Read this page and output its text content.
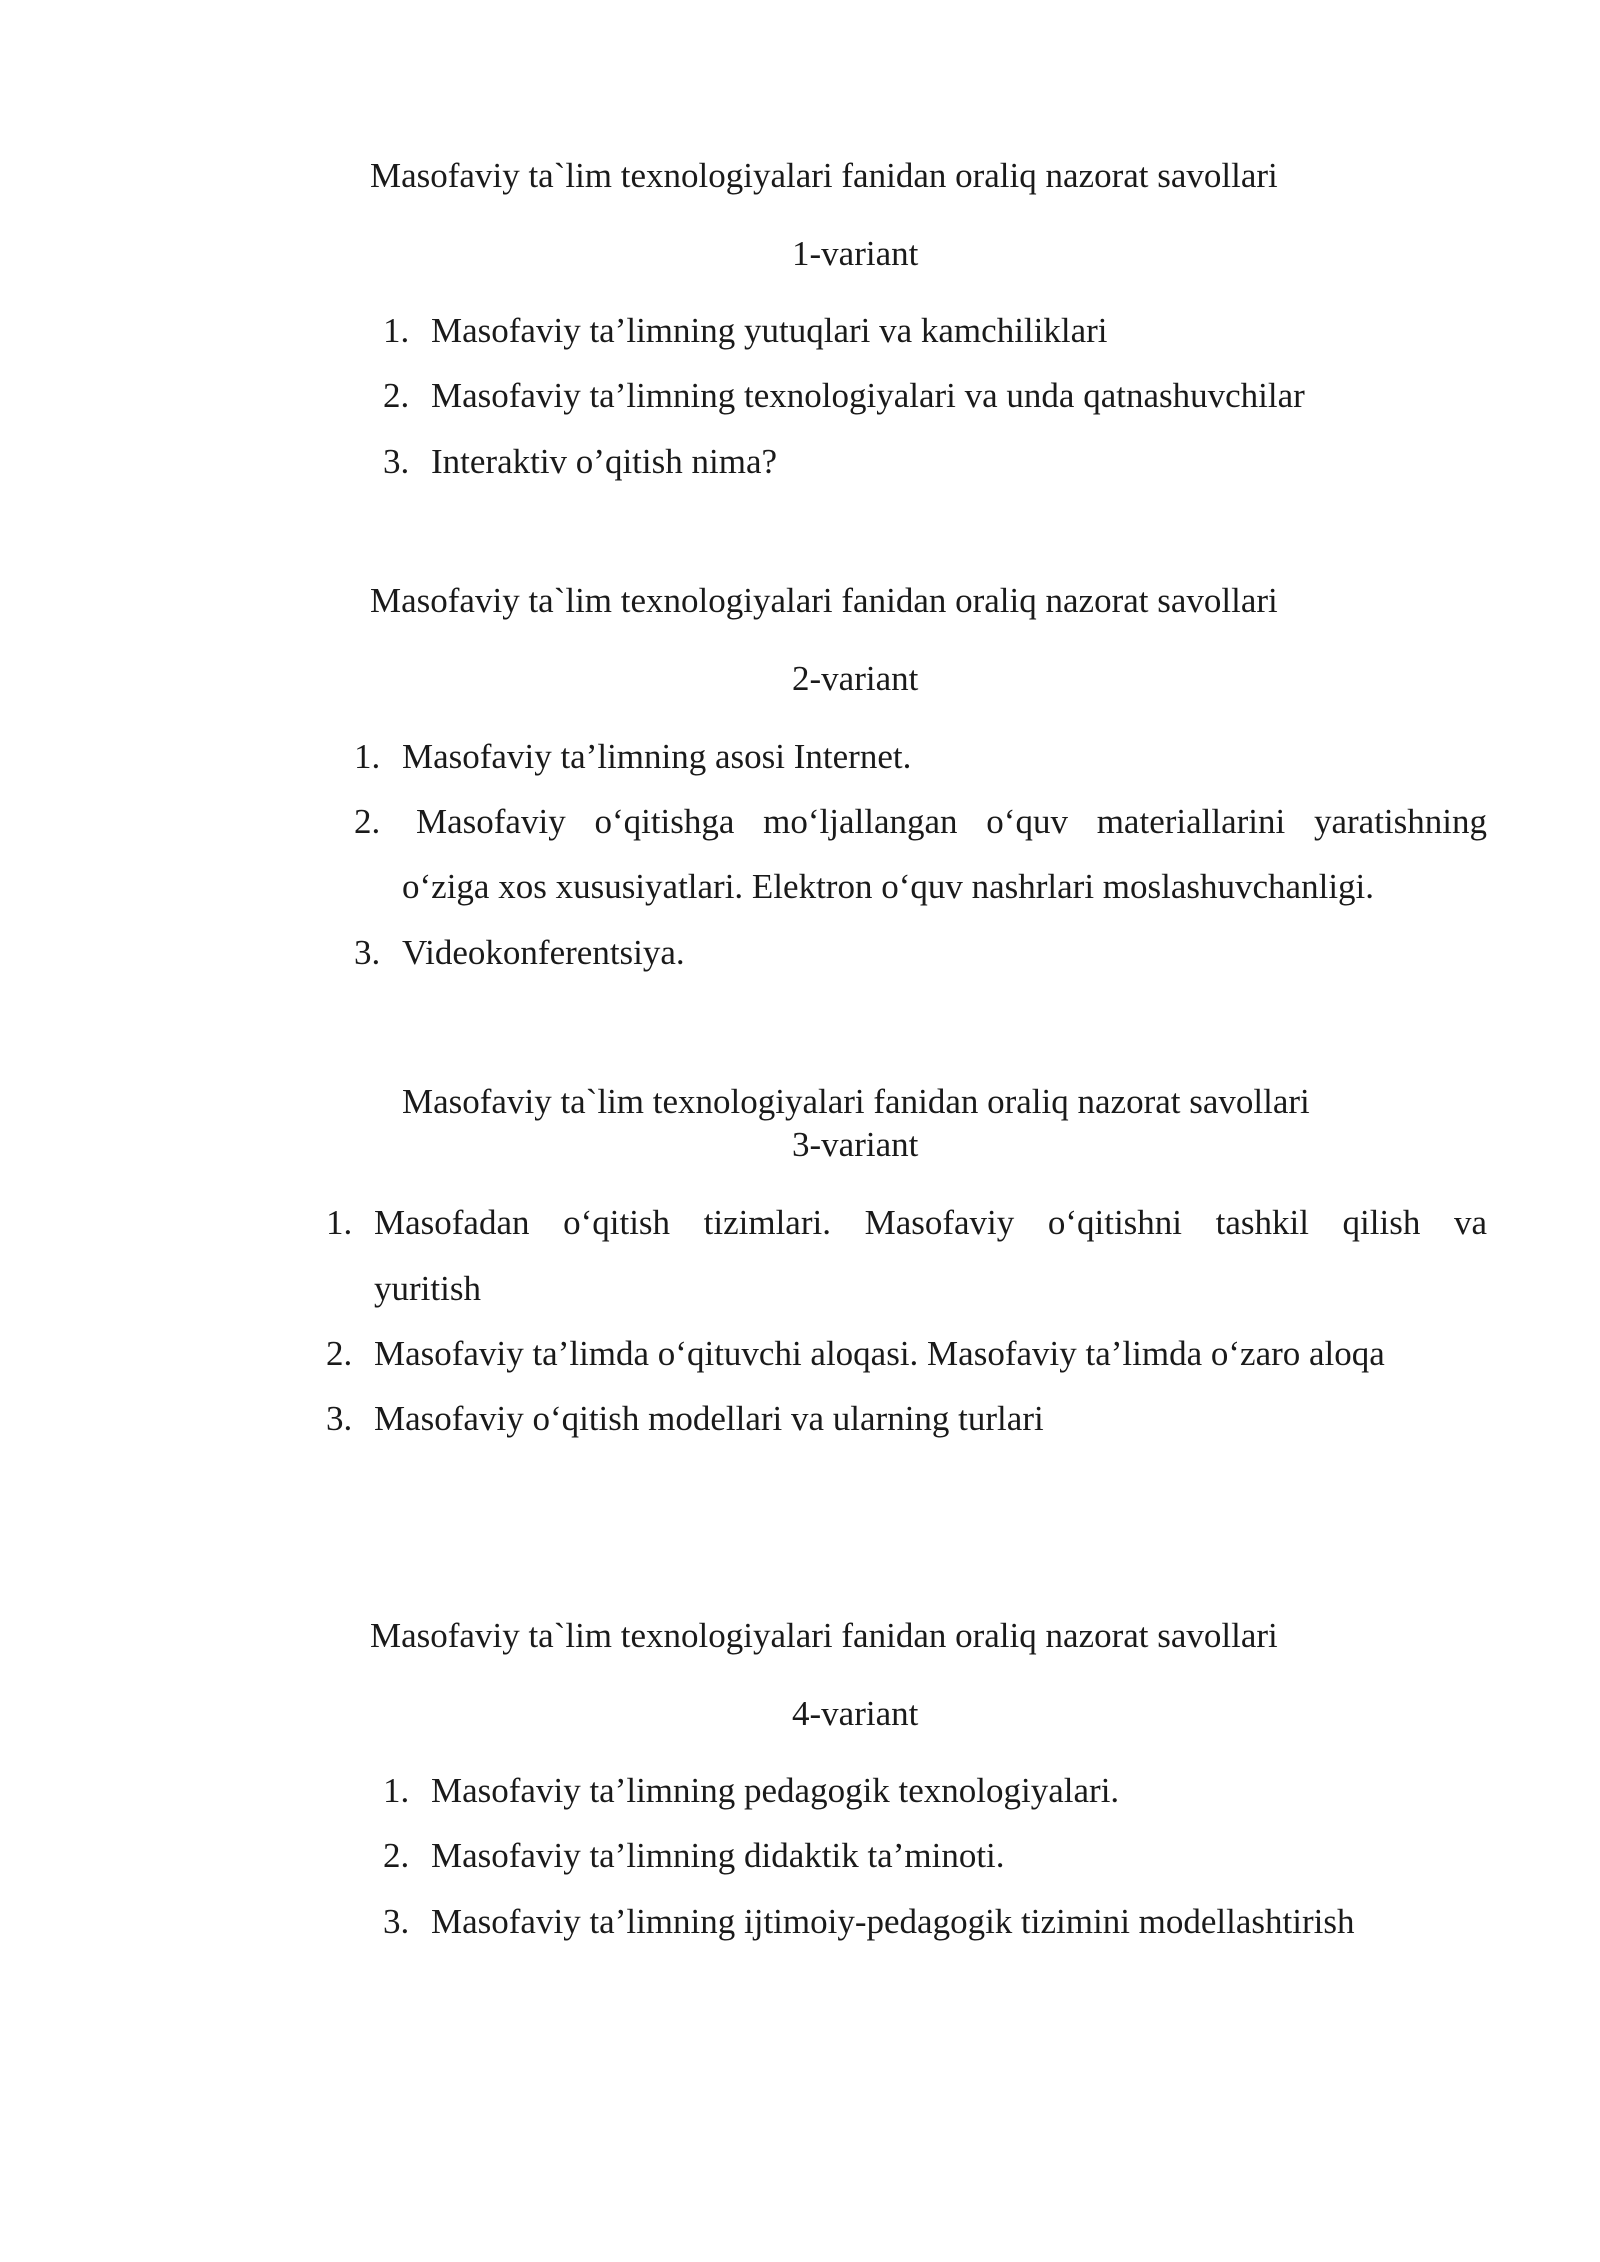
Masofaviy ta`lim texnologiyalari fanidan oraliq nazorat savollari
1-variant
1. Masofaviy ta’limning yutuqlari va kamchiliklari
2. Masofaviy ta’limning texnologiyalari va unda qatnashuvchilar
3. Interaktiv o’qitish nima?
Masofaviy ta`lim texnologiyalari fanidan oraliq nazorat savollari
2-variant
1. Masofaviy ta’limning asosi Internet.
2. Masofaviy o‘qitishga mo‘ljallangan o‘quv materiallarini yaratishning
o‘ziga xos xususiyatlari. Elektron o‘quv nashrlari moslashuvchanligi.
3. Videokonferentsiya.
Masofaviy ta`lim texnologiyalari fanidan oraliq nazorat savollari
3-variant
1. Masofadan o‘qitish tizimlari. Masofaviy o‘qitishni tashkil qilish va
yuritish
2. Masofaviy ta’limda o‘qituvchi aloqasi. Masofaviy ta’limda o‘zaro aloqa
3. Masofaviy o‘qitish modellari va ularning turlari
Masofaviy ta`lim texnologiyalari fanidan oraliq nazorat savollari
4-variant
1. Masofaviy ta’limning pedagogik texnologiyalari.
2. Masofaviy ta’limning didaktik ta’minoti.
3. Masofaviy ta’limning ijtimoiy-pedagogik tizimini modellashtirish
